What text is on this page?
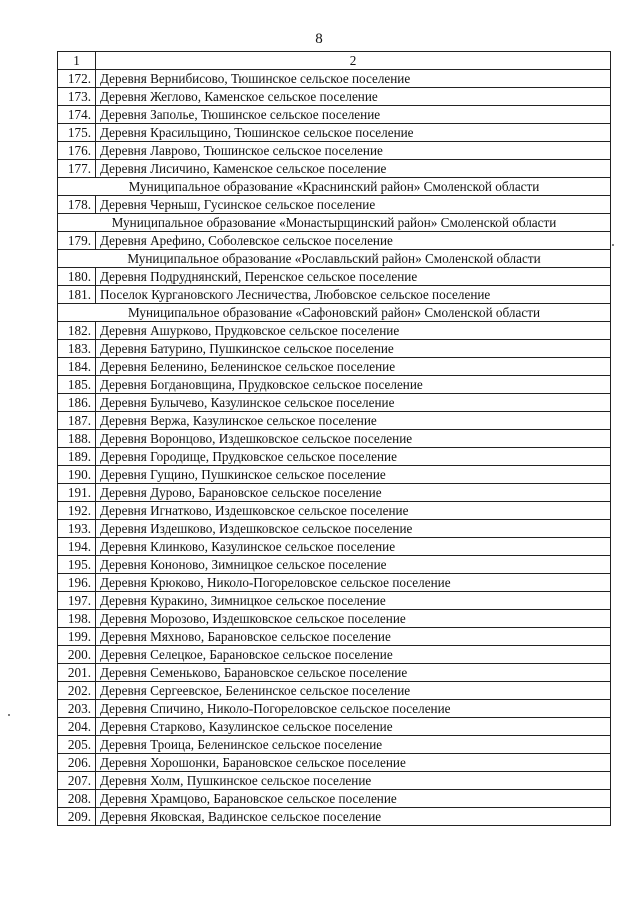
8
1	2
172.	Деревня Вернибисово, Тюшинское сельское поселение
173.	Деревня Жеглово, Каменское сельское поселение
174.	Деревня Заполье, Тюшинское сельское поселение
175.	Деревня Красильщино, Тюшинское сельское поселение
176.	Деревня Лаврово, Тюшинское сельское поселение
177.	Деревня Лисичино, Каменское сельское поселение
Муниципальное образование «Краснинский район» Смоленской области	
178.	Деревня Черныш, Гусинское сельское поселение
Муниципальное образование «Монастырщинский район» Смоленской области	
179.	Деревня Арефино, Соболевское сельское поселение
Муниципальное образование «Рославльский район» Смоленской области	
180.	Деревня Подруднянский, Перенское сельское поселение
181.	Поселок Кургановского Лесничества, Любовское сельское поселение
Муниципальное образование «Сафоновский район» Смоленской области	
182.	Деревня Ашурково, Прудковское сельское поселение
183.	Деревня Батурино, Пушкинское сельское поселение
184.	Деревня Беленино, Беленинское сельское поселение
185.	Деревня Богдановщина, Прудковское сельское поселение
186.	Деревня Булычево, Казулинское сельское поселение
187.	Деревня Вержа, Казулинское сельское поселение
188.	Деревня Воронцово, Издешковское сельское поселение
189.	Деревня Городище, Прудковское сельское поселение
190.	Деревня Гущино, Пушкинское сельское поселение
191.	Деревня Дурово, Барановское сельское поселение
192.	Деревня Игнатково, Издешковское сельское поселение
193.	Деревня Издешково, Издешковское сельское поселение
194.	Деревня Клинково, Казулинское сельское поселение
195.	Деревня Кононово, Зимницкое сельское поселение
196.	Деревня Крюково, Николо-Погореловское сельское поселение
197.	Деревня Куракино, Зимницкое сельское поселение
198.	Деревня Морозово, Издешковское сельское поселение
199.	Деревня Мяхново, Барановское сельское поселение
200.	Деревня Селецкое, Барановское сельское поселение
201.	Деревня Семеньково, Барановское сельское поселение
202.	Деревня Сергеевское, Беленинское сельское поселение
203.	Деревня Спичино, Николо-Погореловское сельское поселение
204.	Деревня Старково, Казулинское сельское поселение
205.	Деревня Троица, Беленинское сельское поселение
206.	Деревня Хорошонки, Барановское сельское поселение
207.	Деревня Холм, Пушкинское сельское поселение
208.	Деревня Храмцово, Барановское сельское поселение
209.	Деревня Яковская, Вадинское сельское поселение
